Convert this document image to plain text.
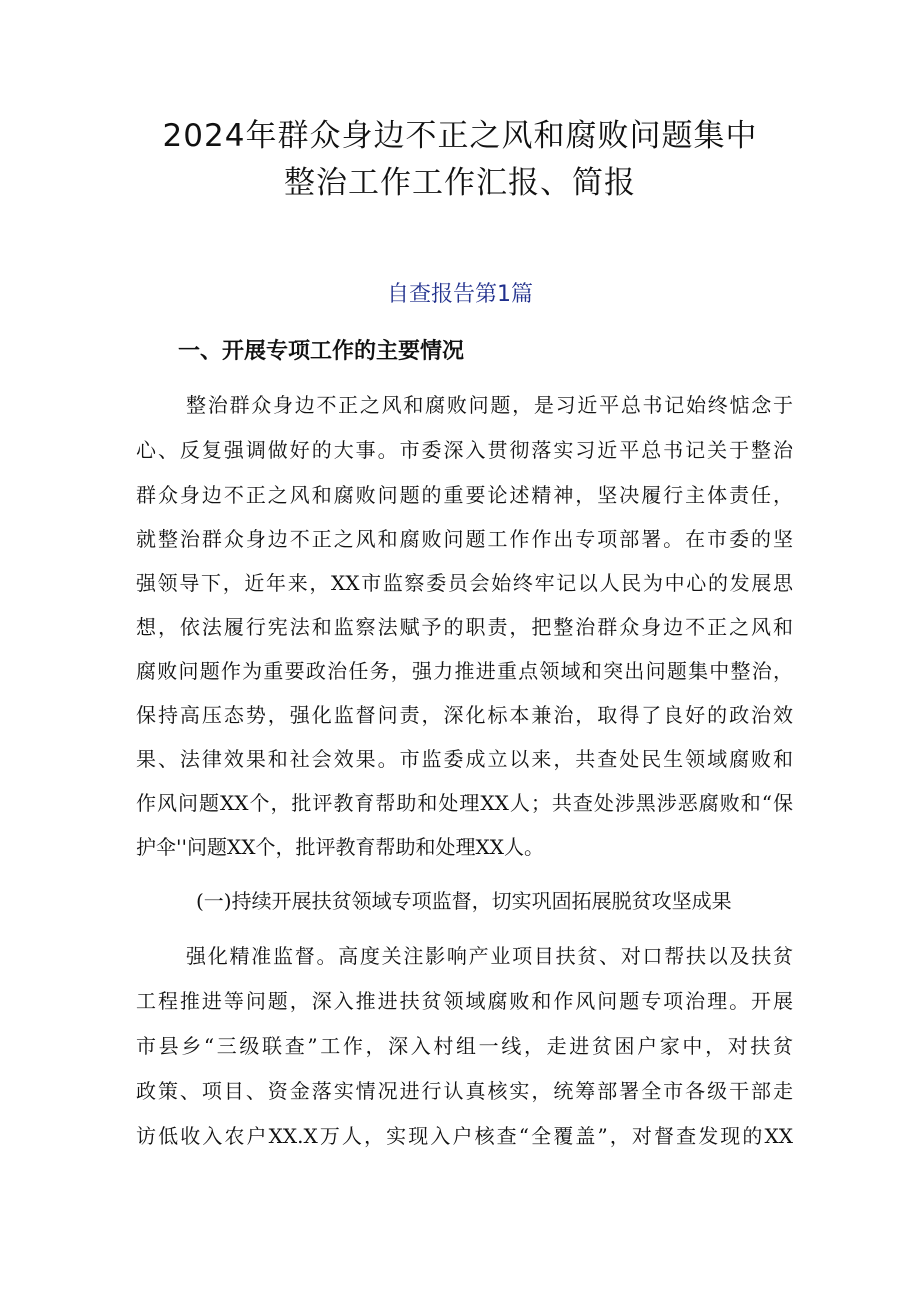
2024年群众身边不正之风和腐败问题集中
整治工作工作汇报、简报
自查报告第1篇
一、开展专项工作的主要情况
整治群众身边不正之风和腐败问题，是习近平总书记始终惦念于
心、反复强调做好的大事。市委深入贯彻落实习近平总书记关于整治
群众身边不正之风和腐败问题的重要论述精神，坚决履行主体责任，
就整治群众身边不正之风和腐败问题工作作出专项部署。在市委的坚
强领导下，近年来，XX市监察委员会始终牢记以人民为中心的发展思
想，依法履行宪法和监察法赋予的职责，把整治群众身边不正之风和
腐败问题作为重要政治任务，强力推进重点领域和突出问题集中整治，
保持高压态势，强化监督问责，深化标本兼治，取得了良好的政治效
果、法律效果和社会效果。市监委成立以来，共查处民生领域腐败和
作风问题XX个，批评教育帮助和处理XX人；共查处涉黑涉恶腐败和“保
护伞''问题XX个，批评教育帮助和处理XX人。
(一)持续开展扶贫领域专项监督，切实巩固拓展脱贫攻坚成果
强化精准监督。高度关注影响产业项目扶贫、对口帮扶以及扶贫
工程推进等问题，深入推进扶贫领域腐败和作风问题专项治理。开展
市县乡“三级联查”工作，深入村组一线，走进贫困户家中，对扶贫
政策、项目、资金落实情况进行认真核实，统筹部署全市各级干部走
访低收入农户XX.X万人，实现入户核查“全覆盖”，对督查发现的XX
